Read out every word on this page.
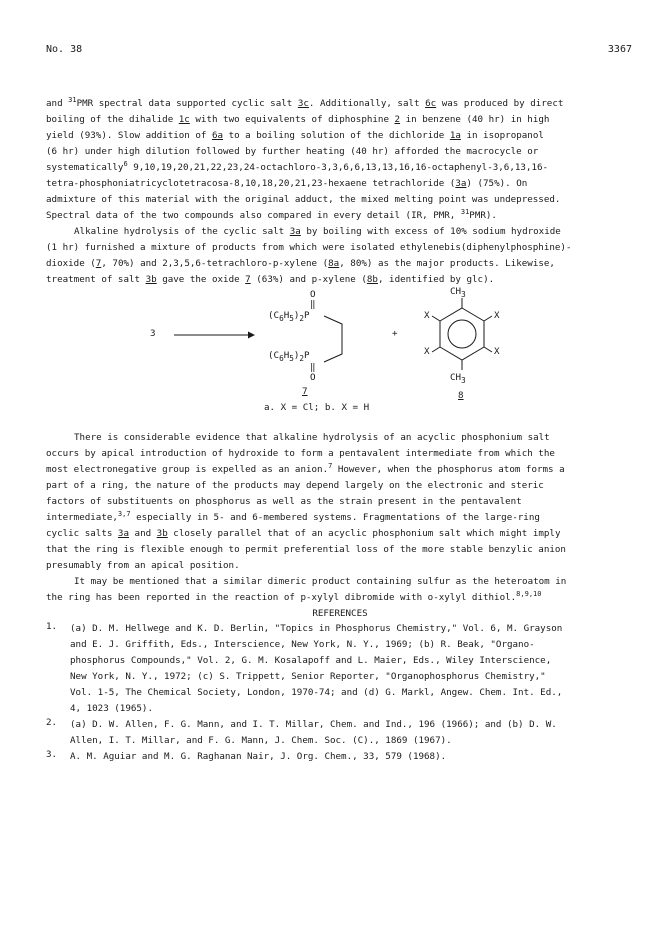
No. 38	3367
and $^{31}$PMR spectral data supported cyclic salt 3c. Additionally, salt 6c was produced by direct
boiling of the dihalide 1c with two equivalents of diphosphine 2 in benzene (40 hr) in high
yield (93%). Slow addition of 6a to a boiling solution of the dichloride 1a in isopropanol
(6 hr) under high dilution followed by further heating (40 hr) afforded the macrocycle or
systematically$^6$ 9,10,19,20,21,22,23,24-octachloro-3,3,6,6,13,13,16,16-octaphenyl-3,6,13,16-
tetra-phosphoniatricyclotetracosa-8,10,18,20,21,23-hexaene tetrachloride (3a) (75%). On
admixture of this material with the original adduct, the mixed melting point was undepressed.
Spectral data of the two compounds also compared in every detail (IR, PMR, $^{31}$PMR).
Alkaline hydrolysis of the cyclic salt 3a by boiling with excess of 10% sodium hydroxide
(1 hr) furnished a mixture of products from which were isolated ethylenebis(diphenylphosphine)-
dioxide (7, 70%) and 2,3,5,6-tetrachloro-p-xylene (8a, 80%) as the major products. Likewise,
treatment of salt 3b gave the oxide 7 (63%) and p-xylene (8b, identified by glc).
3
O
‖
$(C_6H_5)_2P$
$(C_6H_5)_2P$
‖
O
+
$CH_3$
X	X
X	X
$CH_3$
7	8
a. X = Cl; b. X = H
There is considerable evidence that alkaline hydrolysis of an acyclic phosphonium salt
occurs by apical introduction of hydroxide to form a pentavalent intermediate from which the
most electronegative group is expelled as an anion.$^7$ However, when the phosphorus atom forms a
part of a ring, the nature of the products may depend largely on the electronic and steric
factors of substituents on phosphorus as well as the strain present in the pentavalent
intermediate,$^{3,7}$ especially in 5- and 6-membered systems. Fragmentations of the large-ring
cyclic salts 3a and 3b closely parallel that of an acyclic phosphonium salt which might imply
that the ring is flexible enough to permit preferential loss of the more stable benzylic anion
presumably from an apical position.
It may be mentioned that a similar dimeric product containing sulfur as the heteroatom in
the ring has been reported in the reaction of p-xylyl dibromide with o-xylyl dithiol.$^{8,9,10}$
REFERENCES
1. (a) D. M. Hellwege and K. D. Berlin, "Topics in Phosphorus Chemistry," Vol. 6, M. Grayson
and E. J. Griffith, Eds., Interscience, New York, N. Y., 1969; (b) R. Beak, "Organo-
phosphorus Compounds," Vol. 2, G. M. Kosalapoff and L. Maier, Eds., Wiley Interscience,
New York, N. Y., 1972; (c) S. Trippett, Senior Reporter, "Organophosphorus Chemistry,"
Vol. 1-5, The Chemical Society, London, 1970-74; and (d) G. Markl, Angew. Chem. Int. Ed.,
4, 1023 (1965).
2. (a) D. W. Allen, F. G. Mann, and I. T. Millar, Chem. and Ind., 196 (1966); and (b) D. W.
Allen, I. T. Millar, and F. G. Mann, J. Chem. Soc. (C)., 1869 (1967).
3. A. M. Aguiar and M. G. Raghanan Nair, J. Org. Chem., 33, 579 (1968).
